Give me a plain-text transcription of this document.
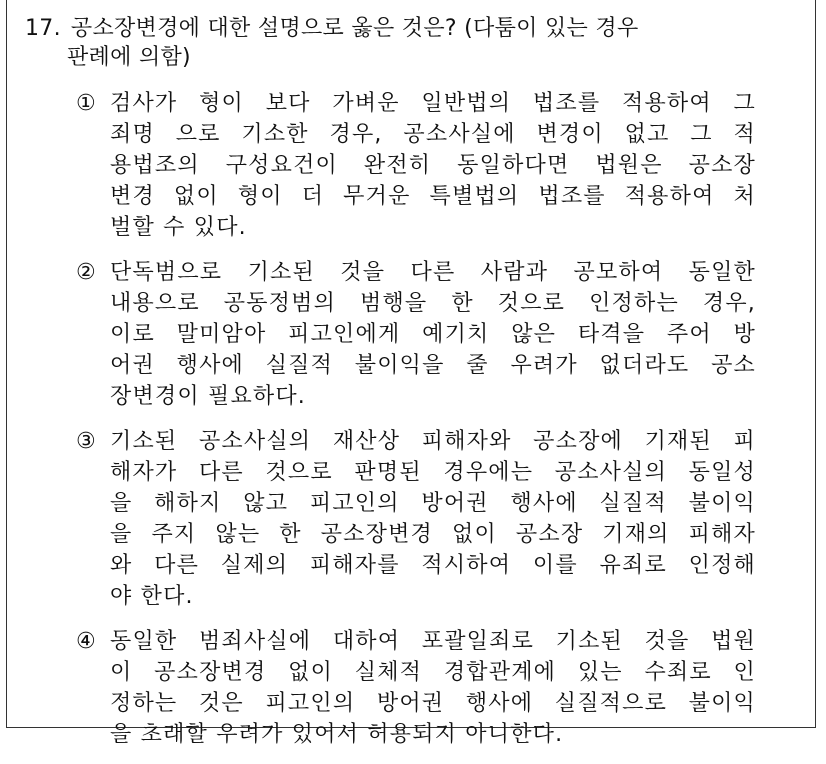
17. 공소장변경에 대한 설명으로 옳은 것은? (다툼이 있는 경우
판례에 의함)
① 검사가 형이 보다 가벼운 일반법의 법조를 적용하여 그
죄명 으로 기소한 경우, 공소사실에 변경이 없고 그 적
용법조의 구성요건이 완전히 동일하다면 법원은 공소장
변경 없이 형이 더 무거운 특별법의 법조를 적용하여 처
벌할 수 있다.
② 단독범으로 기소된 것을 다른 사람과 공모하여 동일한
내용으로 공동정범의 범행을 한 것으로 인정하는 경우,
이로 말미암아 피고인에게 예기치 않은 타격을 주어 방
어권 행사에 실질적 불이익을 줄 우려가 없더라도 공소
장변경이 필요하다.
③ 기소된 공소사실의 재산상 피해자와 공소장에 기재된 피
해자가 다른 것으로 판명된 경우에는 공소사실의 동일성
을 해하지 않고 피고인의 방어권 행사에 실질적 불이익
을 주지 않는 한 공소장변경 없이 공소장 기재의 피해자
와 다른 실제의 피해자를 적시하여 이를 유죄로 인정해
야 한다.
④ 동일한 범죄사실에 대하여 포괄일죄로 기소된 것을 법원
이 공소장변경 없이 실체적 경합관계에 있는 수죄로 인
정하는 것은 피고인의 방어권 행사에 실질적으로 불이익
을 초래할 우려가 있어서 허용되지 아니한다.
